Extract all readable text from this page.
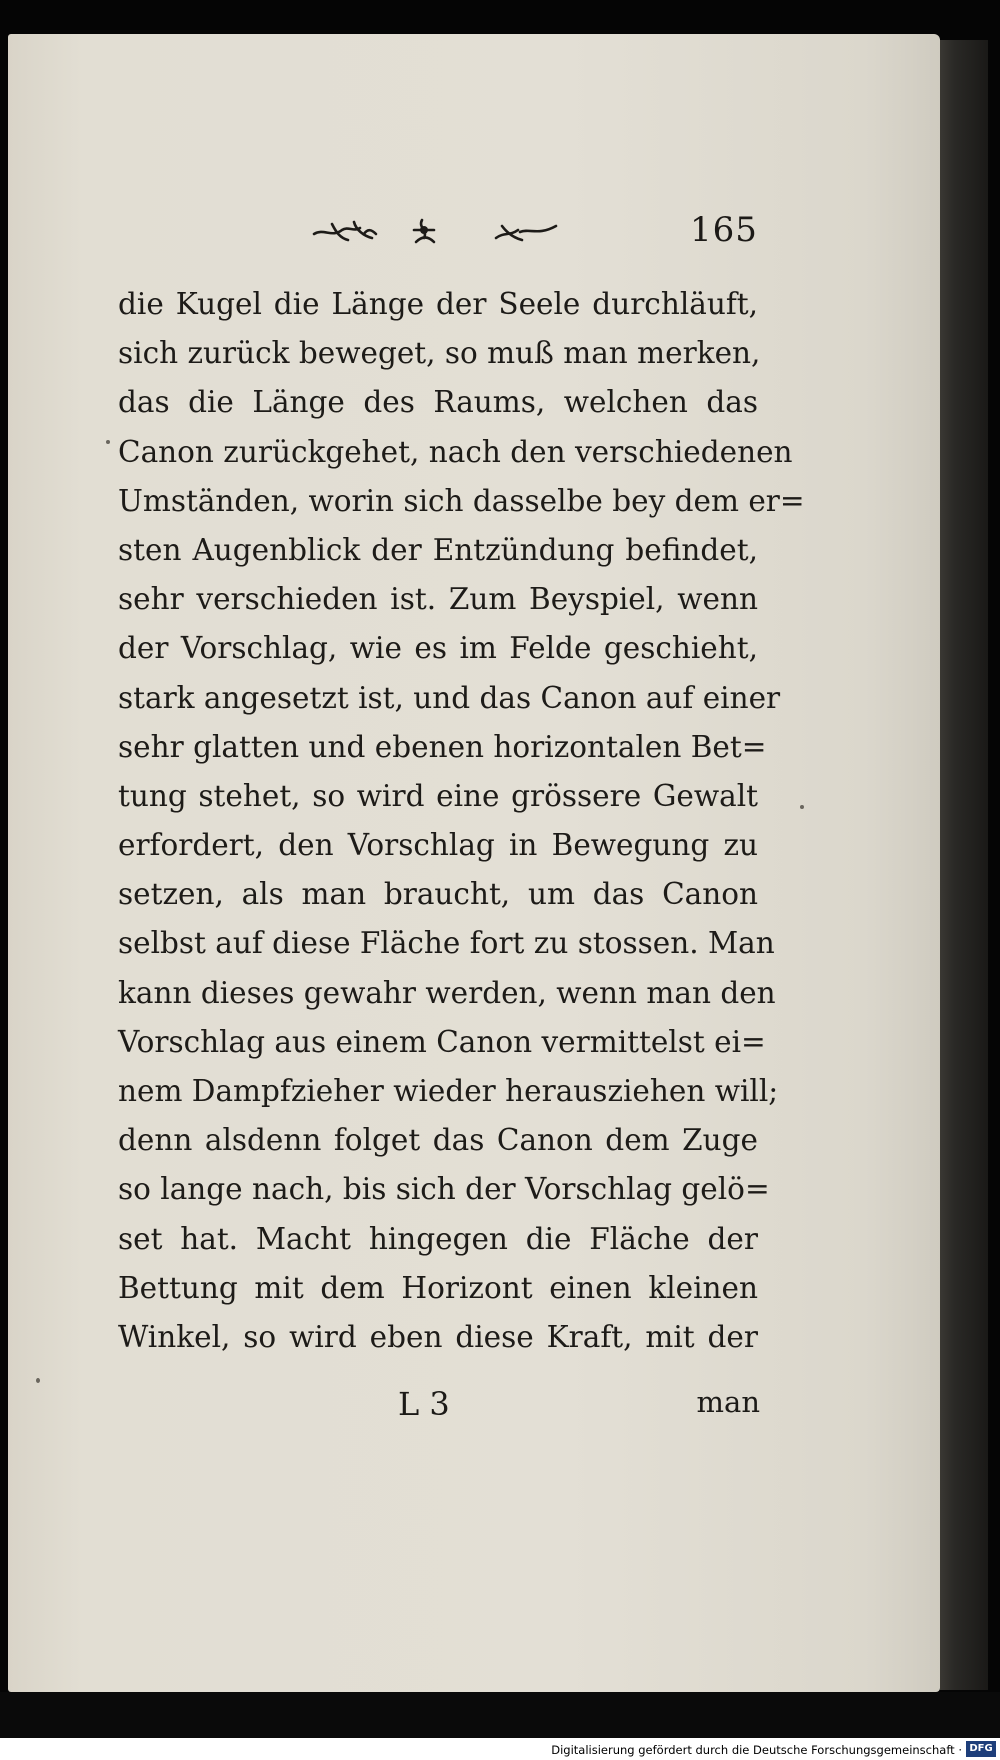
165
die Kugel die Länge der Seele durchläuft,
sich zurück beweget, so muß man merken,
das die Länge des Raums, welchen das
Canon zurückgehet, nach den verschiedenen
Umständen, worin sich dasselbe bey dem er=
sten Augenblick der Entzündung befindet,
sehr verschieden ist. Zum Beyspiel, wenn
der Vorschlag, wie es im Felde geschieht,
stark angesetzt ist, und das Canon auf einer
sehr glatten und ebenen horizontalen Bet=
tung stehet, so wird eine grössere Gewalt
erfordert, den Vorschlag in Bewegung zu
setzen, als man braucht, um das Canon
selbst auf diese Fläche fort zu stossen. Man
kann dieses gewahr werden, wenn man den
Vorschlag aus einem Canon vermittelst ei=
nem Dampfzieher wieder herausziehen will;
denn alsdenn folget das Canon dem Zuge
so lange nach, bis sich der Vorschlag gelö=
set hat. Macht hingegen die Fläche der
Bettung mit dem Horizont einen kleinen
Winkel, so wird eben diese Kraft, mit der
L 3	man
Digitalisierung gefördert durch die Deutsche Forschungsgemeinschaft · DFG
